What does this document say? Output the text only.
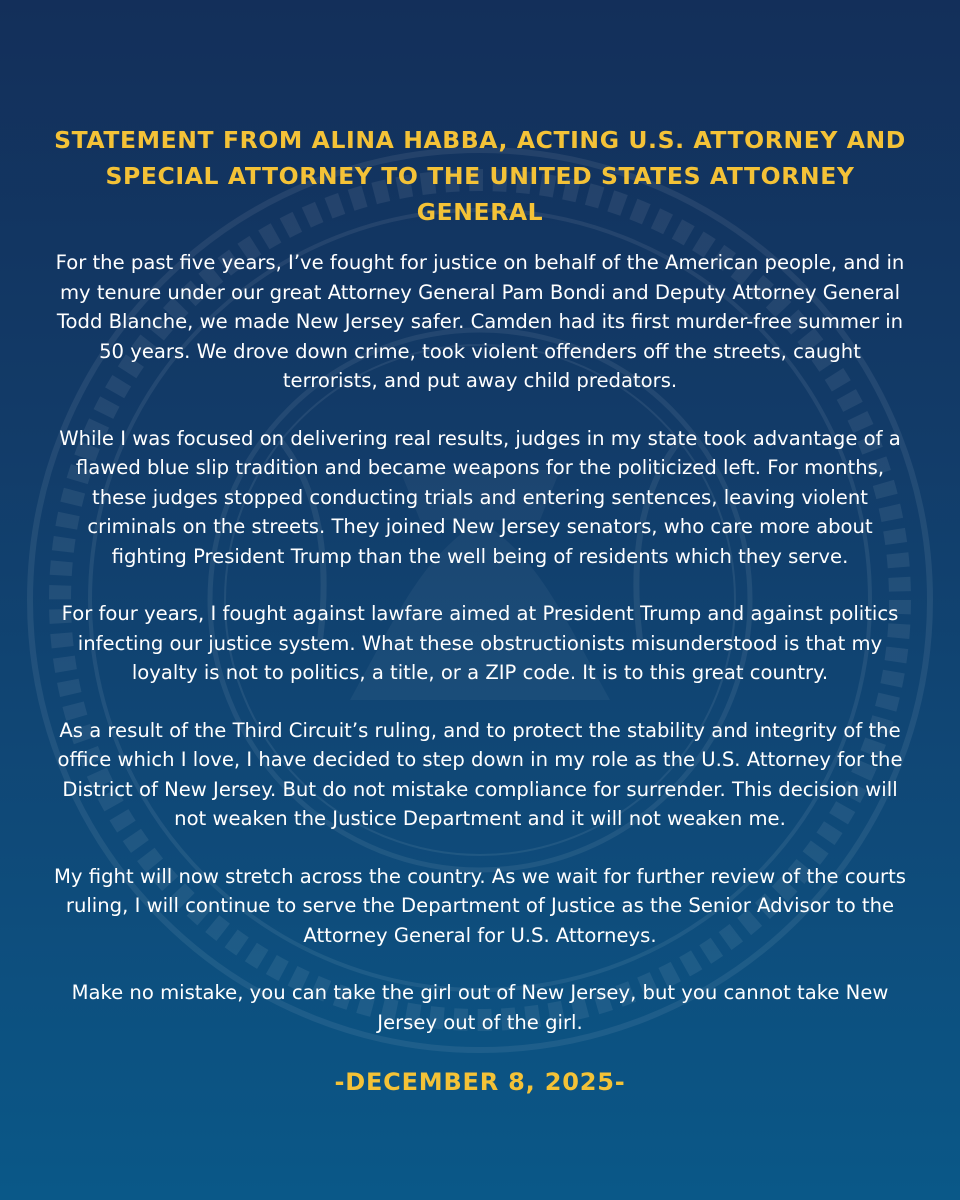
STATEMENT FROM ALINA HABBA, ACTING U.S. ATTORNEY AND SPECIAL ATTORNEY TO THE UNITED STATES ATTORNEY GENERAL

For the past five years, I’ve fought for justice on behalf of the American people, and in my tenure under our great Attorney General Pam Bondi and Deputy Attorney General Todd Blanche, we made New Jersey safer. Camden had its first murder-free summer in 50 years. We drove down crime, took violent offenders off the streets, caught terrorists, and put away child predators.

While I was focused on delivering real results, judges in my state took advantage of a flawed blue slip tradition and became weapons for the politicized left. For months, these judges stopped conducting trials and entering sentences, leaving violent criminals on the streets. They joined New Jersey senators, who care more about fighting President Trump than the well being of residents which they serve.

For four years, I fought against lawfare aimed at President Trump and against politics infecting our justice system. What these obstructionists misunderstood is that my loyalty is not to politics, a title, or a ZIP code. It is to this great country.

As a result of the Third Circuit’s ruling, and to protect the stability and integrity of the office which I love, I have decided to step down in my role as the U.S. Attorney for the District of New Jersey. But do not mistake compliance for surrender. This decision will not weaken the Justice Department and it will not weaken me.

My fight will now stretch across the country. As we wait for further review of the courts ruling, I will continue to serve the Department of Justice as the Senior Advisor to the Attorney General for U.S. Attorneys.

Make no mistake, you can take the girl out of New Jersey, but you cannot take New Jersey out of the girl.

-DECEMBER 8, 2025-
